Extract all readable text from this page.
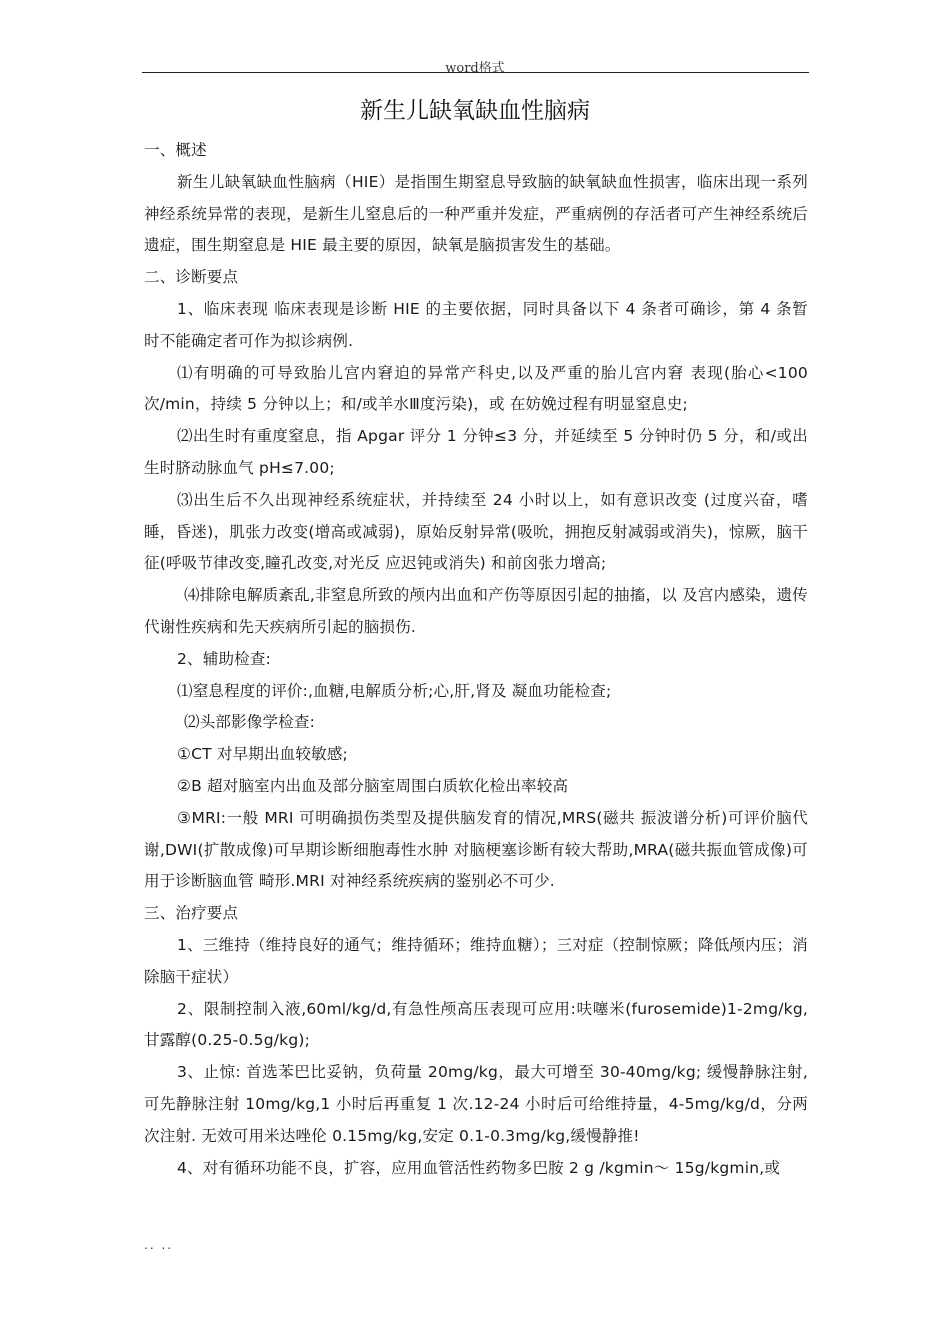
word格式
新生儿缺氧缺血性脑病

一、概述

新生儿缺氧缺血性脑病（HIE）是指围生期窒息导致脑的缺氧缺血性损害，临床出现一系列神经系统异常的表现，是新生儿窒息后的一种严重并发症，严重病例的存活者可产生神经系统后遗症，围生期窒息是 HIE 最主要的原因，缺氧是脑损害发生的基础。

二、诊断要点

1、临床表现 临床表现是诊断 HIE 的主要依据，同时具备以下 4 条者可确诊，第 4 条暂 时不能确定者可作为拟诊病例.

⑴有明确的可导致胎儿宫内窘迫的异常产科史,以及严重的胎儿宫内窘 表现(胎心<100 次/min，持续 5 分钟以上；和/或羊水Ⅲ度污染)，或 在妨娩过程有明显窒息史;

⑵出生时有重度窒息，指 Apgar 评分 1 分钟≤3 分，并延续至 5 分钟时仍 5 分，和/或出生时脐动脉血气 pH≤7.00;

⑶出生后不久出现神经系统症状，并持续至 24 小时以上，如有意识改变 (过度兴奋，嗜睡，昏迷)，肌张力改变(增高或减弱)，原始反射异常(吸吮，拥抱反射减弱或消失)，惊厥，脑干征(呼吸节律改变,瞳孔改变,对光反 应迟钝或消失) 和前囟张力增高;

⑷排除电解质紊乱,非窒息所致的颅内出血和产伤等原因引起的抽搐，以 及宫内感染，遗传代谢性疾病和先天疾病所引起的脑损伤.

2、辅助检查:

⑴窒息程度的评价:,血糖,电解质分析;心,肝,肾及 凝血功能检查;

⑵头部影像学检查:

①CT 对早期出血较敏感;

②B 超对脑室内出血及部分脑室周围白质软化检出率较高

③MRI:一般 MRI 可明确损伤类型及提供脑发育的情况,MRS(磁共 振波谱分析)可评价脑代谢,DWI(扩散成像)可早期诊断细胞毒性水肿 对脑梗塞诊断有较大帮助,MRA(磁共振血管成像)可用于诊断脑血管 畸形.MRI 对神经系统疾病的鉴别必不可少.

三、治疗要点

1、三维持（维持良好的通气；维持循环；维持血糖）；三对症（控制惊厥；降低颅内压；消除脑干症状）

2、限制控制入液,60ml/kg/d,有急性颅高压表现可应用:呋噻米(furosemide)1-2mg/kg,甘露醇(0.25-0.5g/kg);

3、止惊: 首选苯巴比妥钠，负荷量 20mg/kg，最大可增至 30-40mg/kg; 缓慢静脉注射,可先静脉注射 10mg/kg,1 小时后再重复 1 次.12-24 小时后可给维持量，4-5mg/kg/d，分两次注射. 无效可用米达唑伦 0.15mg/kg,安定 0.1-0.3mg/kg,缓慢静推!

4、对有循环功能不良，扩容，应用血管活性药物多巴胺 2 g /kgmin～ 15g/kgmin,或

.. ..
